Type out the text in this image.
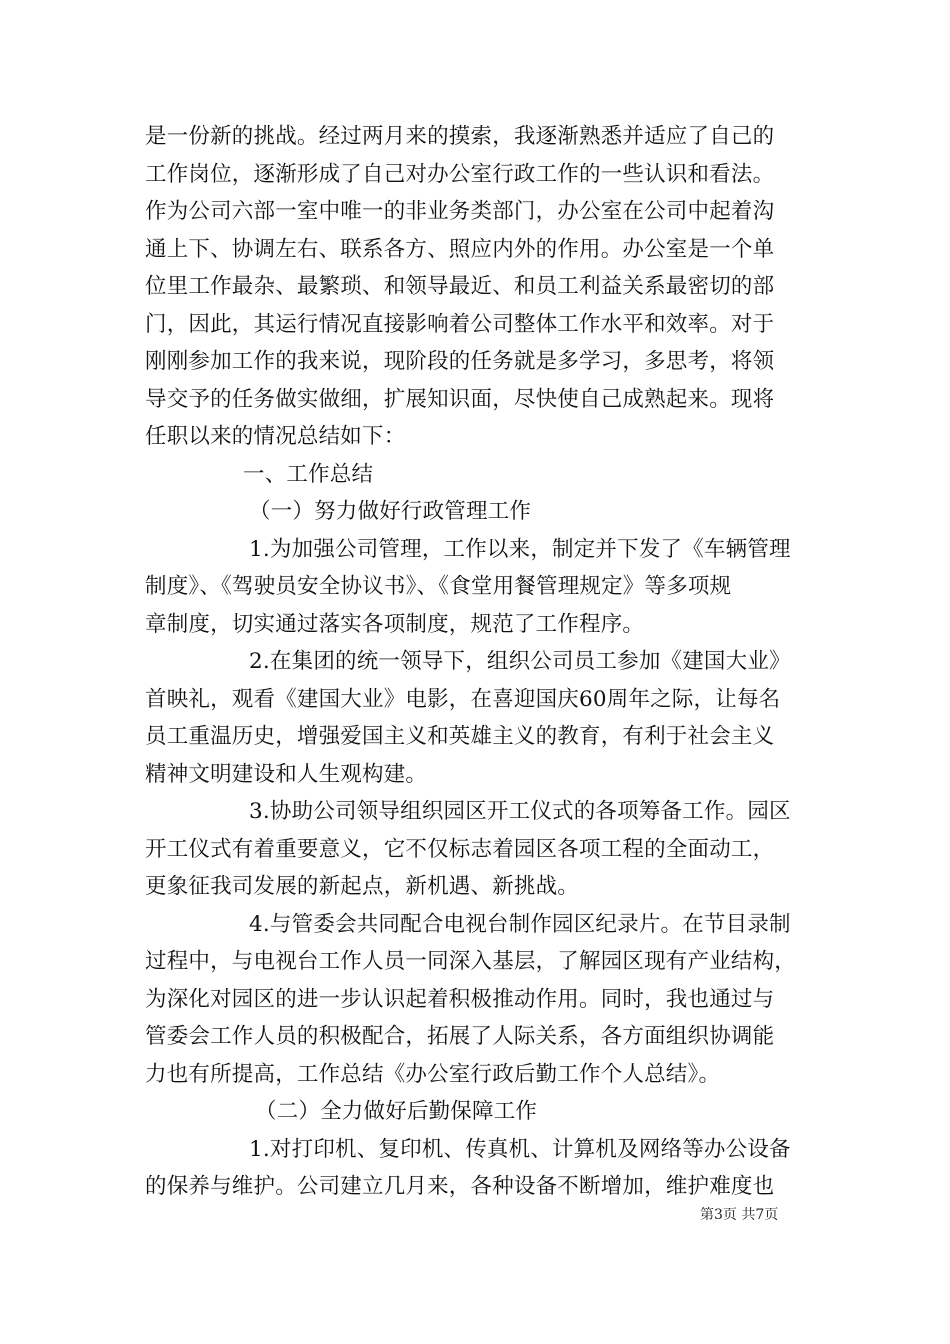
是一份新的挑战。经过两月来的摸索，我逐渐熟悉并适应了自己的
工作岗位，逐渐形成了自己对办公室行政工作的一些认识和看法。
作为公司六部一室中唯一的非业务类部门，办公室在公司中起着沟
通上下、协调左右、联系各方、照应内外的作用。办公室是一个单
位里工作最杂、最繁琐、和领导最近、和员工利益关系最密切的部
门，因此，其运行情况直接影响着公司整体工作水平和效率。对于
刚刚参加工作的我来说，现阶段的任务就是多学习，多思考，将领
导交予的任务做实做细，扩展知识面，尽快使自己成熟起来。现将
任职以来的情况总结如下：
一、工作总结
（一）努力做好行政管理工作
1.为加强公司管理，工作以来，制定并下发了《车辆管理
制度》、《驾驶员安全协议书》、《食堂用餐管理规定》等多项规
章制度，切实通过落实各项制度，规范了工作程序。
2.在集团的统一领导下，组织公司员工参加《建国大业》
首映礼，观看《建国大业》电影，在喜迎国庆60周年之际，让每名
员工重温历史，增强爱国主义和英雄主义的教育，有利于社会主义
精神文明建设和人生观构建。
3.协助公司领导组织园区开工仪式的各项筹备工作。园区
开工仪式有着重要意义，它不仅标志着园区各项工程的全面动工，
更象征我司发展的新起点，新机遇、新挑战。
4.与管委会共同配合电视台制作园区纪录片。在节目录制
过程中，与电视台工作人员一同深入基层，了解园区现有产业结构，
为深化对园区的进一步认识起着积极推动作用。同时，我也通过与
管委会工作人员的积极配合，拓展了人际关系，各方面组织协调能
力也有所提高，工作总结《办公室行政后勤工作个人总结》。
（二）全力做好后勤保障工作
1.对打印机、复印机、传真机、计算机及网络等办公设备
的保养与维护。公司建立几月来，各种设备不断增加，维护难度也
第3页 共7页
